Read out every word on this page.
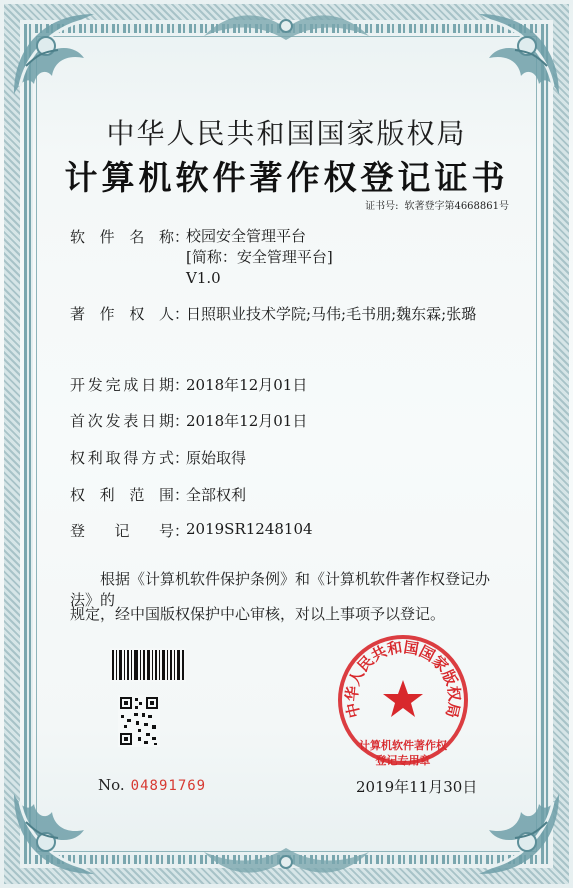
中华人民共和国国家版权局
计算机软件著作权登记证书
证书号: 软著登字第4668861号
软件名称：
校园安全管理平台
[简称：安全管理平台]
V1.0
著作权人：日照职业技术学院;马伟;毛书朋;魏东霖;张璐
开发完成日期：2018年12月01日
首次发表日期：2018年12月01日
权利取得方式：原始取得
权利范围：全部权利
登记号：2019SR1248104
根据《计算机软件保护条例》和《计算机软件著作权登记办法》的
规定，经中国版权保护中心审核，对以上事项予以登记。
No. 04891769
中华人民共和国国家版权局
计算机软件著作权
登记专用章
2019年11月30日
